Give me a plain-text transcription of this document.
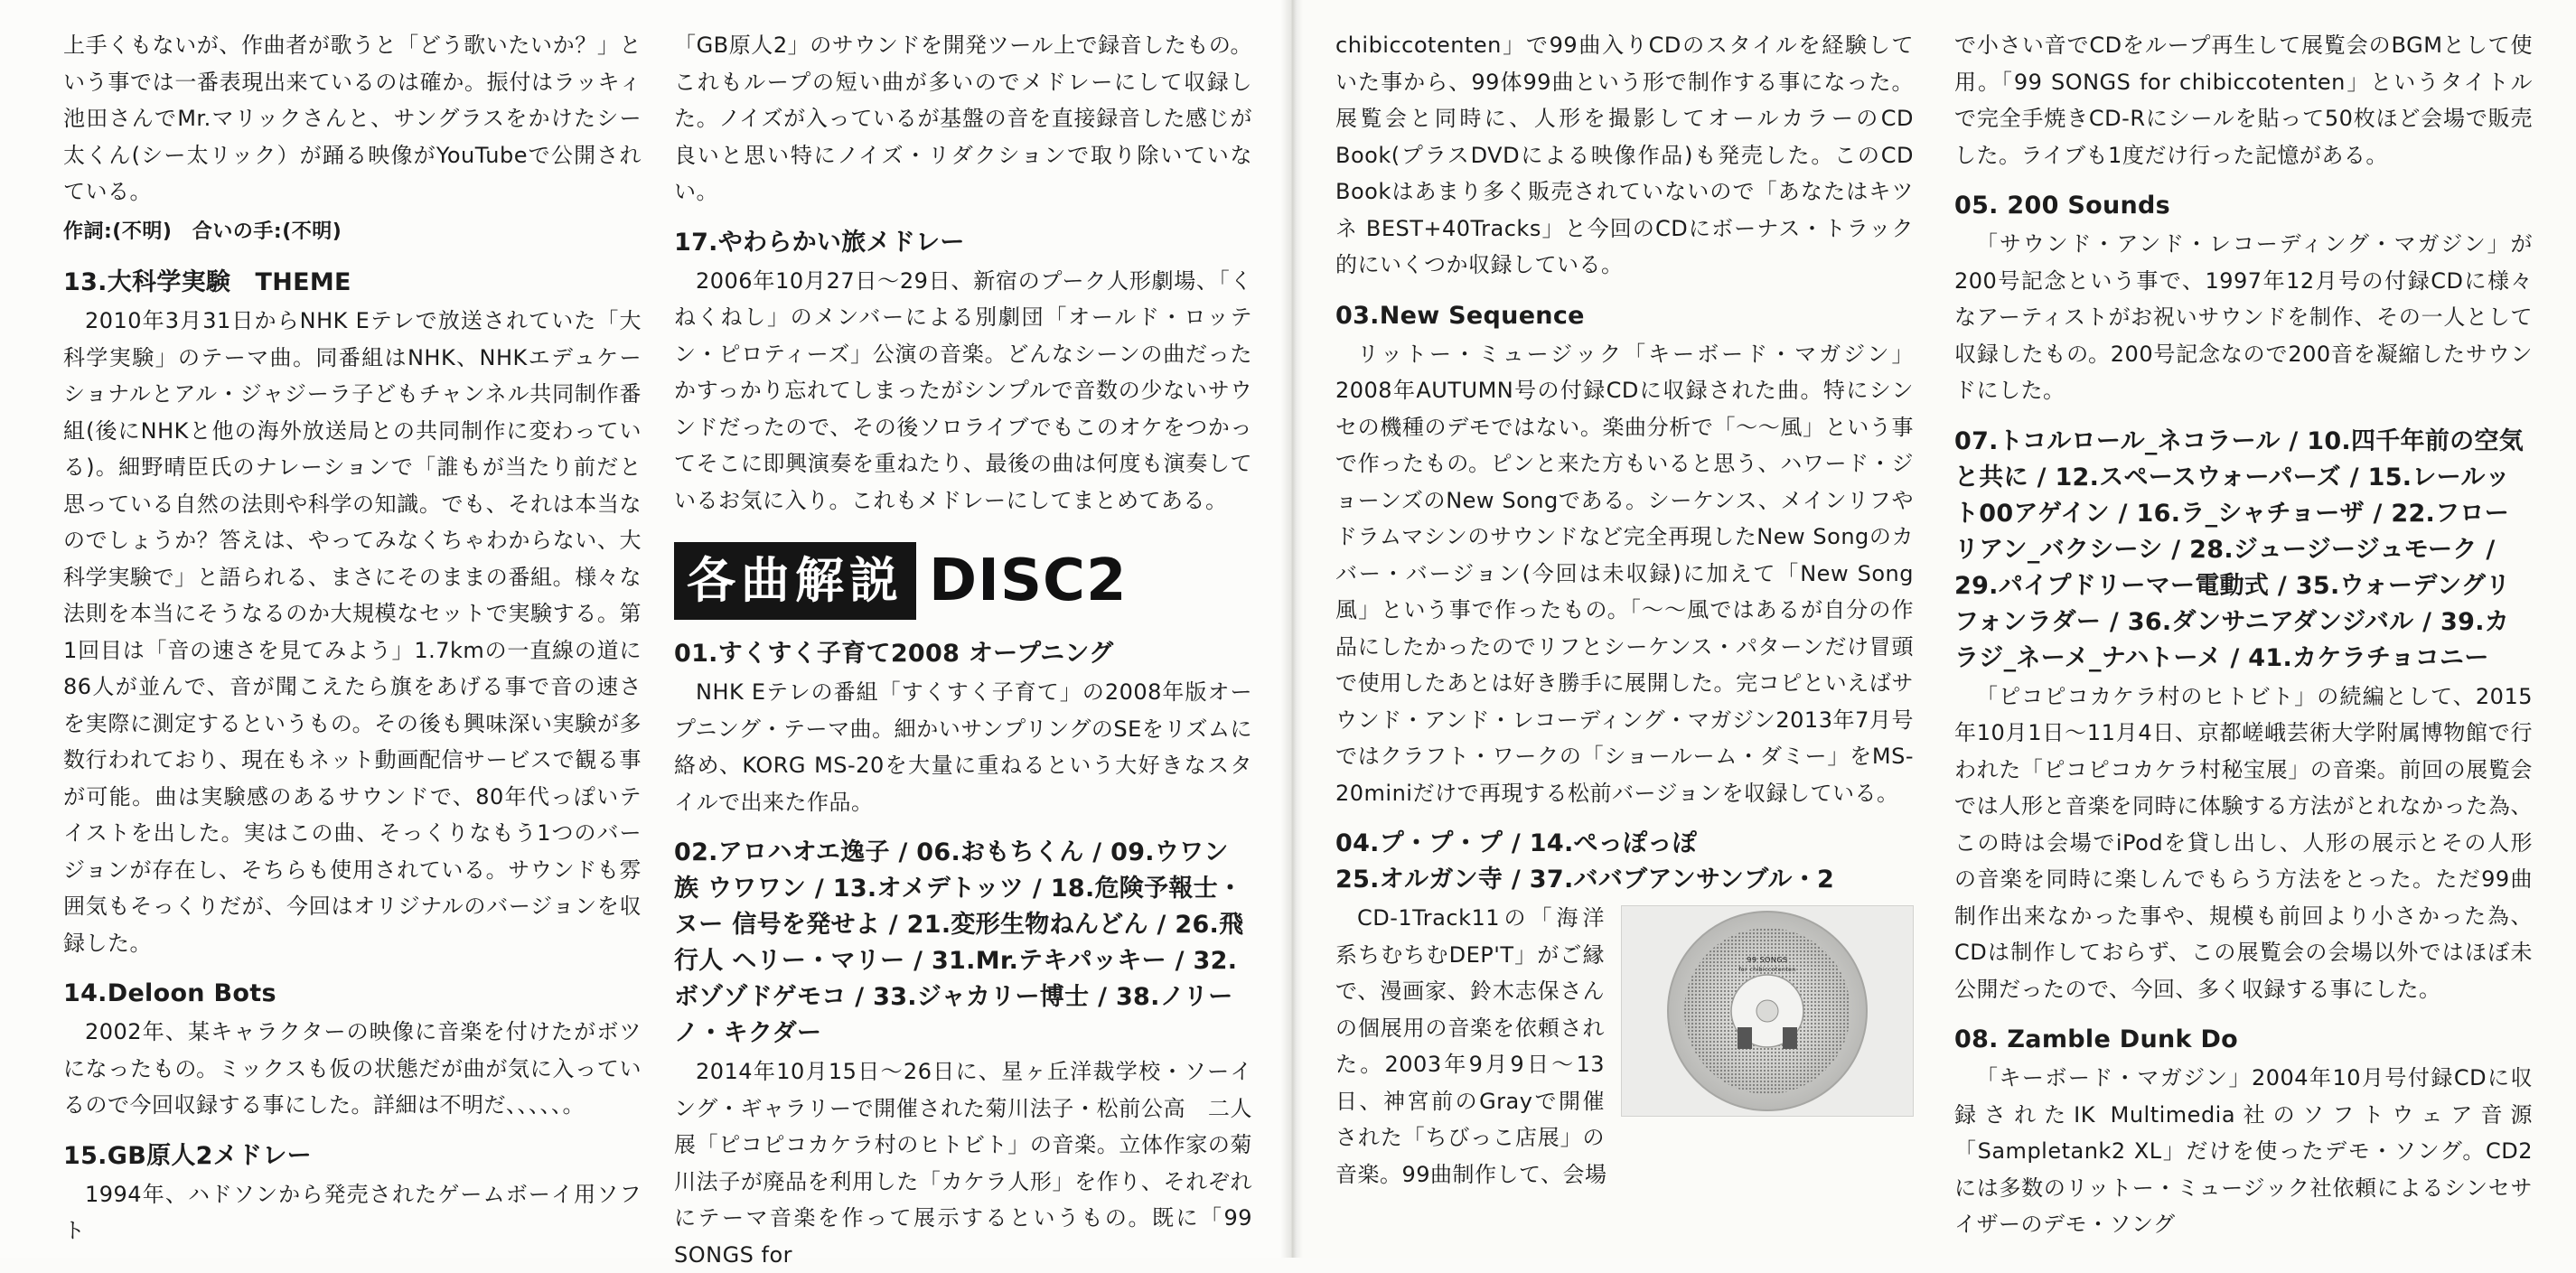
上手くもないが、作曲者が歌うと「どう歌いたいか？」という事では一番表現出来ているのは確か。振付はラッキィ池田さんでMr.マリックさんと、サングラスをかけたシー太くん(シー太リック）が踊る映像がYouTubeで公開されている。

作詞:(不明)　合いの手:(不明)

13.大科学実験　THEME

2010年3月31日からNHK Eテレで放送されていた「大科学実験」のテーマ曲。同番組はNHK、NHKエデュケーショナルとアル・ジャジーラ子どもチャンネル共同制作番組(後にNHKと他の海外放送局との共同制作に変わっている)。細野晴臣氏のナレーションで「誰もが当たり前だと思っている自然の法則や科学の知識。でも、それは本当なのでしょうか？答えは、やってみなくちゃわからない、大科学実験で」と語られる、まさにそのままの番組。様々な法則を本当にそうなるのか大規模なセットで実験する。第1回目は「音の速さを見てみよう」1.7kmの一直線の道に86人が並んで、音が聞こえたら旗をあげる事で音の速さを実際に測定するというもの。その後も興味深い実験が多数行われており、現在もネット動画配信サービスで観る事が可能。曲は実験感のあるサウンドで、80年代っぽいテイストを出した。実はこの曲、そっくりなもう1つのバージョンが存在し、そちらも使用されている。サウンドも雰囲気もそっくりだが、今回はオリジナルのバージョンを収録した。

14.Deloon Bots

2002年、某キャラクターの映像に音楽を付けたがボツになったもの。ミックスも仮の状態だが曲が気に入っているので今回収録する事にした。詳細は不明だ、、、、、。

15.GB原人2メドレー

1994年、ハドソンから発売されたゲームボーイ用ソフト

「GB原人2」のサウンドを開発ツール上で録音したもの。これもループの短い曲が多いのでメドレーにして収録した。ノイズが入っているが基盤の音を直接録音した感じが良いと思い特にノイズ・リダクションで取り除いていない。

17.やわらかい旅メドレー

2006年10月27日〜29日、新宿のプーク人形劇場、「くねくねし」のメンバーによる別劇団「オールド・ロッテン・ピロティーズ」公演の音楽。どんなシーンの曲だったかすっかり忘れてしまったがシンプルで音数の少ないサウンドだったので、その後ソロライブでもこのオケをつかってそこに即興演奏を重ねたり、最後の曲は何度も演奏しているお気に入り。これもメドレーにしてまとめてある。

各曲解説 DISC2
01.すくすく子育て2008 オープニング

NHK Eテレの番組「すくすく子育て」の2008年版オープニング・テーマ曲。細かいサンプリングのSEをリズムに絡め、KORG MS-20を大量に重ねるという大好きなスタイルで出来た作品。

02.アロハオエ逸子 / 06.おもちくん / 09.ウワン族 ウワワン / 13.オメデトッツ / 18.危険予報士・ヌー 信号を発せよ / 21.変形生物ねんどん / 26.飛行人 ヘリー・マリー / 31.Mr.テキパッキー / 32.ボゾゾドゲモコ / 33.ジャカリー博士 / 38.ノリーノ・キクダー

2014年10月15日〜26日に、星ヶ丘洋裁学校・ソーイング・ギャラリーで開催された菊川法子・松前公高　二人展「ピコピコカケラ村のヒトビト」の音楽。立体作家の菊川法子が廃品を利用した「カケラ人形」を作り、それぞれにテーマ音楽を作って展示するというもの。既に「99 SONGS for

chibiccotenten」で99曲入りCDのスタイルを経験していた事から、99体99曲という形で制作する事になった。展覧会と同時に、人形を撮影してオールカラーのCD Book(プラスDVDによる映像作品)も発売した。このCD Bookはあまり多く販売されていないので「あなたはキツネ BEST+40Tracks」と今回のCDにボーナス・トラック的にいくつか収録している。

03.New Sequence

リットー・ミュージック「キーボード・マガジン」2008年AUTUMN号の付録CDに収録された曲。特にシンセの機種のデモではない。楽曲分析で「〜〜風」という事で作ったもの。ピンと来た方もいると思う、ハワード・ジョーンズのNew Songである。シーケンス、メインリフやドラムマシンのサウンドなど完全再現したNew Songのカバー・バージョン(今回は未収録)に加えて「New Song風」という事で作ったもの。「〜〜風ではあるが自分の作品にしたかったのでリフとシーケンス・パターンだけ冒頭で使用したあとは好き勝手に展開した。完コピといえばサウンド・アンド・レコーディング・マガジン2013年7月号ではクラフト・ワークの「ショールーム・ダミー」をMS-20miniだけで再現する松前バージョンを収録している。

04.プ・プ・プ / 14.ぺっぽっぽ
25.オルガン寺 / 37.ババブアンサンブル・2
99 SONGS
for chibiccotenten

CD-1Track11の「海洋系ちむちむDEP'T」がご縁で、漫画家、鈴木志保さんの個展用の音楽を依頼された。2003年9月9日〜13日、神宮前のGrayで開催された「ちびっこ店展」の音楽。99曲制作して、会場

で小さい音でCDをループ再生して展覧会のBGMとして使用。「99 SONGS for chibiccotenten」というタイトルで完全手焼きCD-Rにシールを貼って50枚ほど会場で販売した。ライブも1度だけ行った記憶がある。

05. 200 Sounds

「サウンド・アンド・レコーディング・マガジン」が200号記念という事で、1997年12月号の付録CDに様々なアーティストがお祝いサウンドを制作、その一人として収録したもの。200号記念なので200音を凝縮したサウンドにした。

07.トコルロール_ネコラール / 10.四千年前の空気と共に / 12.スペースウォーパーズ / 15.レールット00アゲイン / 16.ラ_シャチョーザ / 22.フローリアン_バクシーシ / 28.ジュージージュモーク / 29.パイプドリーマー電動式 / 35.ウォーデングリフォンラダー / 36.ダンサニアダンジバル / 39.カラジ_ネーメ_ナハトーメ / 41.カケラチョコニー

「ピコピコカケラ村のヒトビト」の続編として、2015年10月1日〜11月4日、京都嵯峨芸術大学附属博物館で行われた「ピコピコカケラ村秘宝展」の音楽。前回の展覧会では人形と音楽を同時に体験する方法がとれなかった為、この時は会場でiPodを貸し出し、人形の展示とその人形の音楽を同時に楽しんでもらう方法をとった。ただ99曲制作出来なかった事や、規模も前回より小さかった為、CDは制作しておらず、この展覧会の会場以外ではほぼ未公開だったので、今回、多く収録する事にした。

08. Zamble Dunk Do

「キーボード・マガジン」2004年10月号付録CDに収録されたIK Multimedia社のソフトウェア音源「Sampletank2 XL」だけを使ったデモ・ソング。CD2には多数のリットー・ミュージック社依頼によるシンセサイザーのデモ・ソング
